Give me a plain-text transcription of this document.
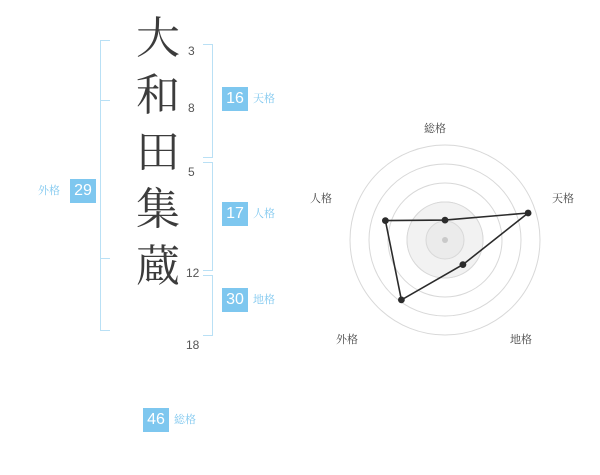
大
和
田
集
蔵
3
8
5
12
18
16 天格
17 人格
30 地格
外格 29
46 総格
総格
天格
地格
外格
人格
